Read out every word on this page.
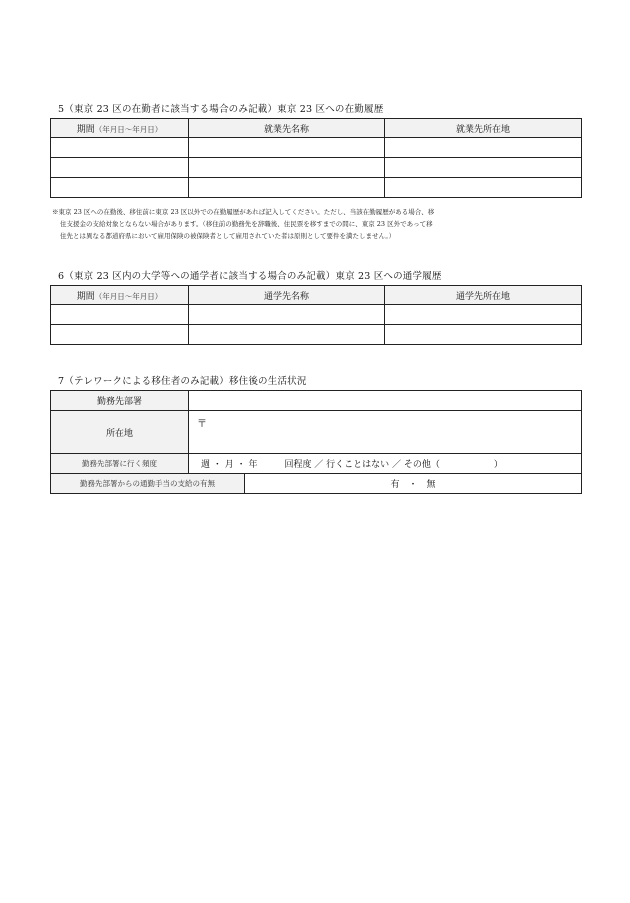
5（東京 23 区の在勤者に該当する場合のみ記載）東京 23 区への在勤履歴
期間（年月日～年月日）	就業先名称	就業先所在地

※東京 23 区への在勤後、移住前に東京 23 区以外での在勤履歴があれば記入してください。ただし、当該在勤履歴がある場合、移
住支援金の支給対象とならない場合があります。（移住前の勤務先を辞職後、住民票を移すまでの間に、東京 23 区外であって移
住先とは異なる都道府県において雇用保険の被保険者として雇用されていた者は原則として要件を満たしません。）
6（東京 23 区内の大学等への通学者に該当する場合のみ記載）東京 23 区への通学履歴
期間（年月日～年月日）	通学先名称	通学先所在地

7（テレワークによる移住者のみ記載）移住後の生活状況
勤務先部署		
所在地	〒	

勤務先部署に行く頻度	週 ・ 月 ・ 年　　　回程度 ／ 行くことはない ／ その他（　　　　　　）	
勤務先部署からの通勤手当の支給の有無		有　・　無
